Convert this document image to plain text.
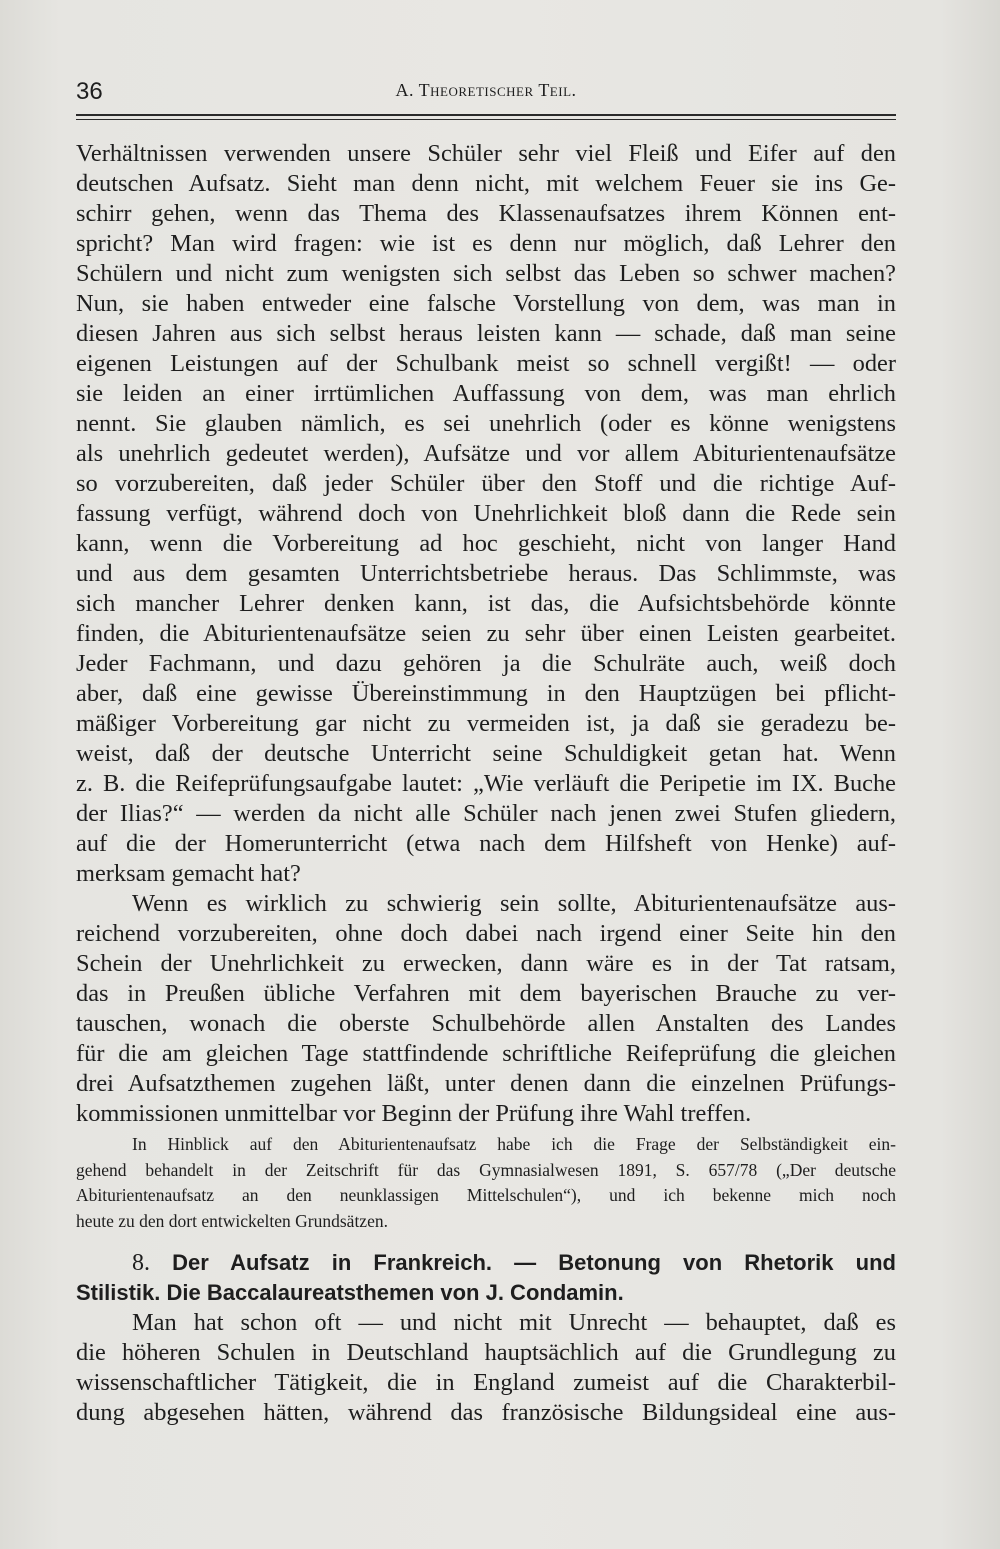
36	A. Theoretischer Teil.
Verhältnissen verwenden unsere Schüler sehr viel Fleiß und Eifer auf den
deutschen Aufsatz. Sieht man denn nicht, mit welchem Feuer sie ins Ge-
schirr gehen, wenn das Thema des Klassenaufsatzes ihrem Können ent-
spricht? Man wird fragen: wie ist es denn nur möglich, daß Lehrer den
Schülern und nicht zum wenigsten sich selbst das Leben so schwer machen?
Nun, sie haben entweder eine falsche Vorstellung von dem, was man in
diesen Jahren aus sich selbst heraus leisten kann — schade, daß man seine
eigenen Leistungen auf der Schulbank meist so schnell vergißt! — oder
sie leiden an einer irrtümlichen Auffassung von dem, was man ehrlich
nennt. Sie glauben nämlich, es sei unehrlich (oder es könne wenigstens
als unehrlich gedeutet werden), Aufsätze und vor allem Abiturientenaufsätze
so vorzubereiten, daß jeder Schüler über den Stoff und die richtige Auf-
fassung verfügt, während doch von Unehrlichkeit bloß dann die Rede sein
kann, wenn die Vorbereitung ad hoc geschieht, nicht von langer Hand
und aus dem gesamten Unterrichtsbetriebe heraus. Das Schlimmste, was
sich mancher Lehrer denken kann, ist das, die Aufsichtsbehörde könnte
finden, die Abiturientenaufsätze seien zu sehr über einen Leisten gearbeitet.
Jeder Fachmann, und dazu gehören ja die Schulräte auch, weiß doch
aber, daß eine gewisse Übereinstimmung in den Hauptzügen bei pflicht-
mäßiger Vorbereitung gar nicht zu vermeiden ist, ja daß sie geradezu be-
weist, daß der deutsche Unterricht seine Schuldigkeit getan hat. Wenn
z. B. die Reifeprüfungsaufgabe lautet: „Wie verläuft die Peripetie im IX. Buche
der Ilias?“ — werden da nicht alle Schüler nach jenen zwei Stufen gliedern,
auf die der Homerunterricht (etwa nach dem Hilfsheft von Henke) auf-
merksam gemacht hat?
Wenn es wirklich zu schwierig sein sollte, Abiturientenaufsätze aus-
reichend vorzubereiten, ohne doch dabei nach irgend einer Seite hin den
Schein der Unehrlichkeit zu erwecken, dann wäre es in der Tat ratsam,
das in Preußen übliche Verfahren mit dem bayerischen Brauche zu ver-
tauschen, wonach die oberste Schulbehörde allen Anstalten des Landes
für die am gleichen Tage stattfindende schriftliche Reifeprüfung die gleichen
drei Aufsatzthemen zugehen läßt, unter denen dann die einzelnen Prüfungs-
kommissionen unmittelbar vor Beginn der Prüfung ihre Wahl treffen.
In Hinblick auf den Abiturientenaufsatz habe ich die Frage der Selbständigkeit ein-
gehend behandelt in der Zeitschrift für das Gymnasialwesen 1891, S. 657/78 („Der deutsche
Abiturientenaufsatz an den neunklassigen Mittelschulen“), und ich bekenne mich noch
heute zu den dort entwickelten Grundsätzen.
8. Der Aufsatz in Frankreich. — Betonung von Rhetorik und
Stilistik. Die Baccalaureatsthemen von J. Condamin.
Man hat schon oft — und nicht mit Unrecht — behauptet, daß es
die höheren Schulen in Deutschland hauptsächlich auf die Grundlegung zu
wissenschaftlicher Tätigkeit, die in England zumeist auf die Charakterbil-
dung abgesehen hätten, während das französische Bildungsideal eine aus-
